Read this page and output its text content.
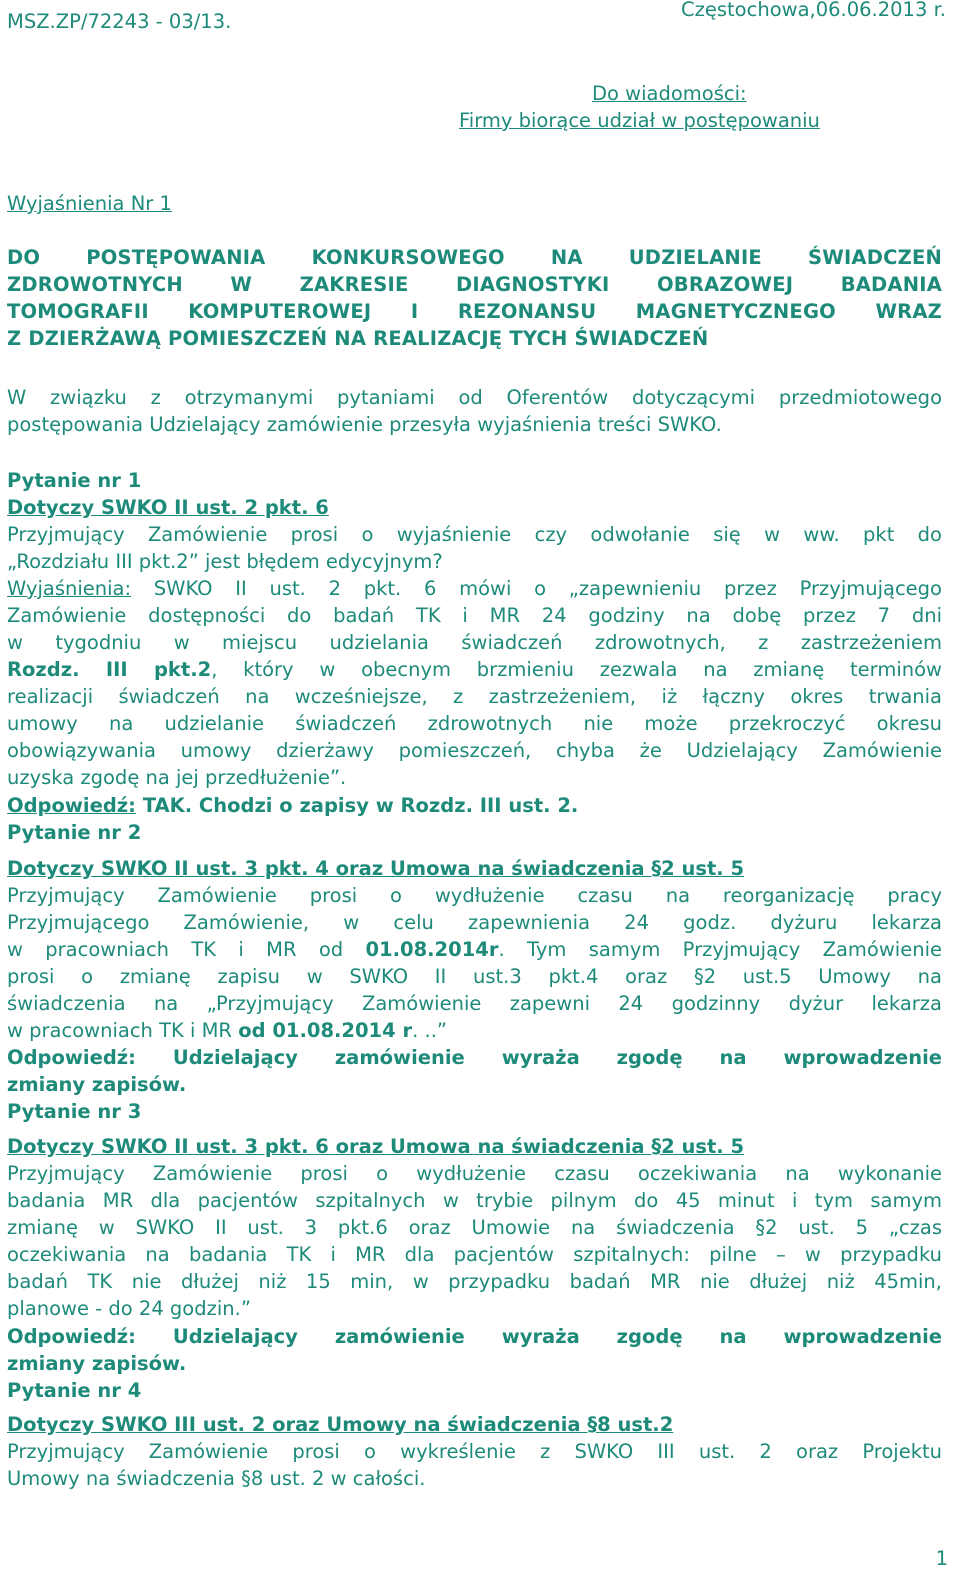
MSZ.ZP/72243 - 03/13.
Częstochowa,06.06.2013 r.
Do wiadomości:
Firmy biorące udział w postępowaniu
Wyjaśnienia Nr 1
DO POSTĘPOWANIA KONKURSOWEGO NA UDZIELANIE ŚWIADCZEŃ
ZDROWOTNYCH W ZAKRESIE DIAGNOSTYKI OBRAZOWEJ BADANIA
TOMOGRAFII KOMPUTEROWEJ I REZONANSU MAGNETYCZNEGO WRAZ
Z DZIERŻAWĄ POMIESZCZEŃ NA REALIZACJĘ TYCH ŚWIADCZEŃ
W związku z otrzymanymi pytaniami od Oferentów dotyczącymi przedmiotowego
postępowania Udzielający zamówienie przesyła wyjaśnienia treści SWKO.
Pytanie nr 1
Dotyczy SWKO II ust. 2 pkt. 6
Przyjmujący Zamówienie prosi o wyjaśnienie czy odwołanie się w ww. pkt do
„Rozdziału III pkt.2” jest błędem edycyjnym?
Wyjaśnienia: SWKO II ust. 2 pkt. 6 mówi o „zapewnieniu przez Przyjmującego
Zamówienie dostępności do badań TK i MR 24 godziny na dobę przez 7 dni
w tygodniu w miejscu udzielania świadczeń zdrowotnych, z zastrzeżeniem
Rozdz. III pkt.2, który w obecnym brzmieniu zezwala na zmianę terminów
realizacji świadczeń na wcześniejsze, z zastrzeżeniem, iż łączny okres trwania
umowy na udzielanie świadczeń zdrowotnych nie może przekroczyć okresu
obowiązywania umowy dzierżawy pomieszczeń, chyba że Udzielający Zamówienie
uzyska zgodę na jej przedłużenie”.
Odpowiedź: TAK. Chodzi o zapisy w Rozdz. III ust. 2.
Pytanie nr 2
Dotyczy SWKO II ust. 3 pkt. 4 oraz Umowa na świadczenia §2 ust. 5
Przyjmujący Zamówienie prosi o wydłużenie czasu na reorganizację pracy
Przyjmującego Zamówienie, w celu zapewnienia 24 godz. dyżuru lekarza
w pracowniach TK i MR od 01.08.2014r. Tym samym Przyjmujący Zamówienie
prosi o zmianę zapisu w SWKO II ust.3 pkt.4 oraz §2 ust.5 Umowy na
świadczenia na „Przyjmujący Zamówienie zapewni 24 godzinny dyżur lekarza
w pracowniach TK i MR od 01.08.2014 r. ..”
Odpowiedź: Udzielający zamówienie wyraża zgodę na wprowadzenie
zmiany zapisów.
Pytanie nr 3
Dotyczy SWKO II ust. 3 pkt. 6 oraz Umowa na świadczenia §2 ust. 5
Przyjmujący Zamówienie prosi o wydłużenie czasu oczekiwania na wykonanie
badania MR dla pacjentów szpitalnych w trybie pilnym do 45 minut i tym samym
zmianę w SWKO II ust. 3 pkt.6 oraz Umowie na świadczenia §2 ust. 5 „czas
oczekiwania na badania TK i MR dla pacjentów szpitalnych: pilne – w przypadku
badań TK nie dłużej niż 15 min, w przypadku badań MR nie dłużej niż 45min,
planowe - do 24 godzin.”
Odpowiedź: Udzielający zamówienie wyraża zgodę na wprowadzenie
zmiany zapisów.
Pytanie nr 4
Dotyczy SWKO III ust. 2 oraz Umowy na świadczenia §8 ust.2
Przyjmujący Zamówienie prosi o wykreślenie z SWKO III ust. 2 oraz Projektu
Umowy na świadczenia §8 ust. 2 w całości.
1
